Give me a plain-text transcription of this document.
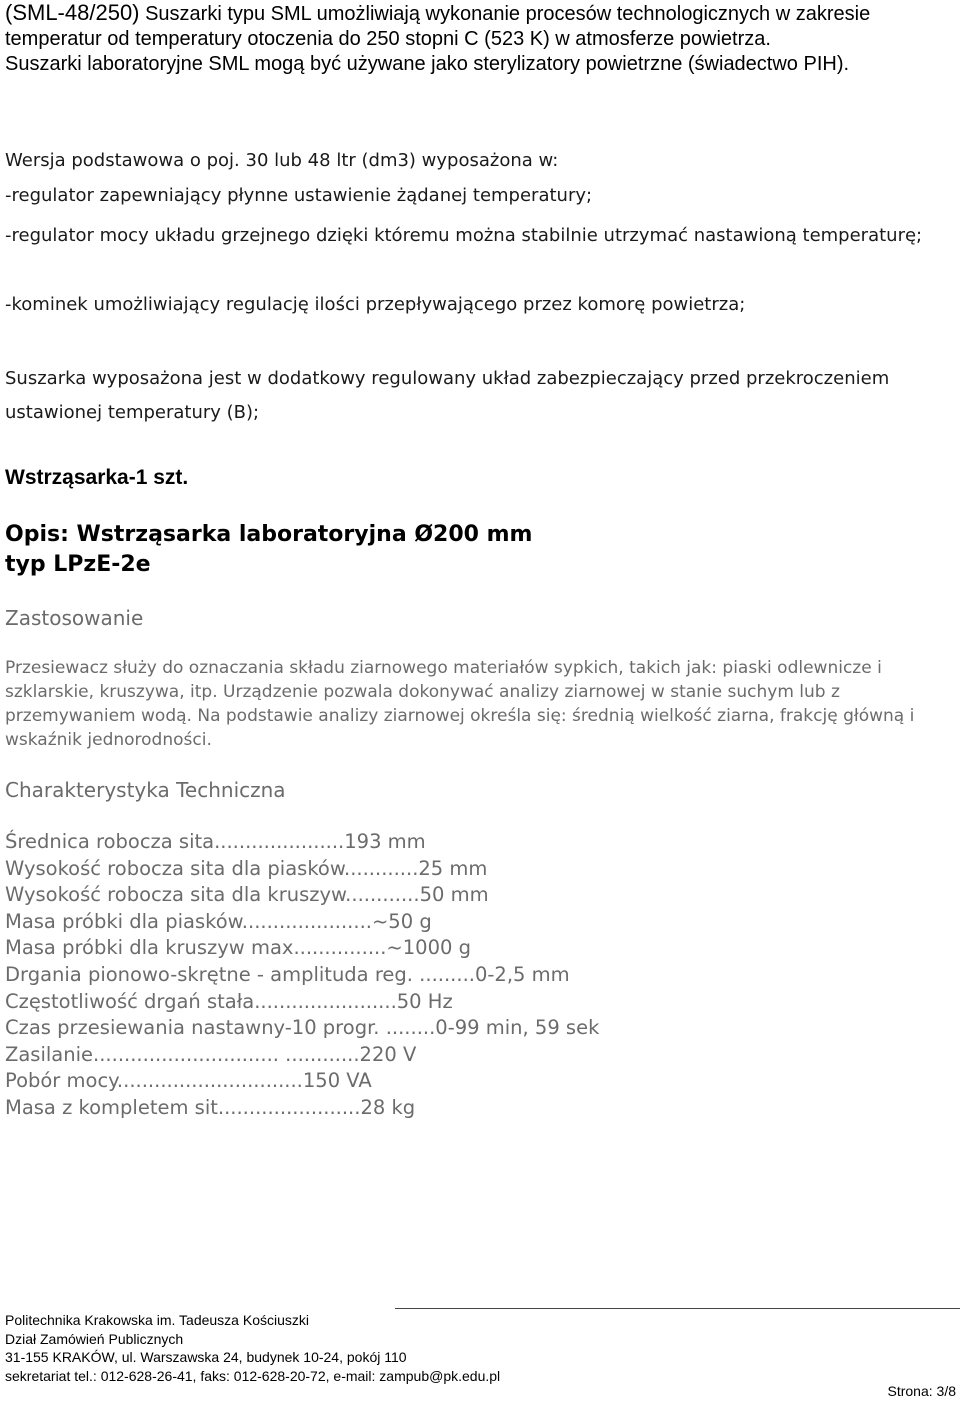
(SML-48/250) Suszarki typu SML umożliwiają wykonanie procesów technologicznych w zakresie temperatur od temperatury otoczenia do 250 stopni C (523 K) w atmosferze powietrza.
Suszarki laboratoryjne SML mogą być używane jako sterylizatory powietrzne (świadectwo PIH).
Wersja podstawowa o poj. 30 lub 48 ltr (dm3) wyposażona w:
-regulator zapewniający płynne ustawienie żądanej temperatury;
-regulator mocy układu grzejnego dzięki któremu można stabilnie utrzymać nastawioną temperaturę;
-kominek umożliwiający regulację ilości przepływającego przez komorę powietrza;
Suszarka wyposażona jest w dodatkowy regulowany układ zabezpieczający przed przekroczeniem ustawionej temperatury (B);
Wstrząsarka-1 szt.
Opis: Wstrząsarka laboratoryjna Ø200 mm
typ LPzE-2e
Zastosowanie
Przesiewacz służy do oznaczania składu ziarnowego materiałów sypkich, takich jak: piaski odlewnicze i szklarskie, kruszywa, itp. Urządzenie pozwala dokonywać analizy ziarnowej w stanie suchym lub z przemywaniem wodą. Na podstawie analizy ziarnowej określa się: średnią wielkość ziarna, frakcję główną i wskaźnik jednorodności.
Charakterystyka Techniczna
Średnica robocza sita.....................193 mm
Wysokość robocza sita dla piasków............25 mm
Wysokość robocza sita dla kruszyw............50 mm
Masa próbki dla piasków.....................~50 g
Masa próbki dla kruszyw max...............~1000 g
Drgania pionowo-skrętne - amplituda reg. .........0-2,5 mm
Częstotliwość drgań stała.......................50 Hz
Czas przesiewania nastawny-10 progr. ........0-99 min, 59 sek
Zasilanie.............................. ............220 V
Pobór mocy..............................150 VA
Masa z kompletem sit.......................28 kg
Politechnika Krakowska im. Tadeusza Kościuszki
Dział Zamówień Publicznych
31-155 KRAKÓW, ul. Warszawska 24, budynek 10-24, pokój 110
sekretariat tel.: 012-628-26-41, faks: 012-628-20-72, e-mail: zampub@pk.edu.pl
Strona: 3/8
